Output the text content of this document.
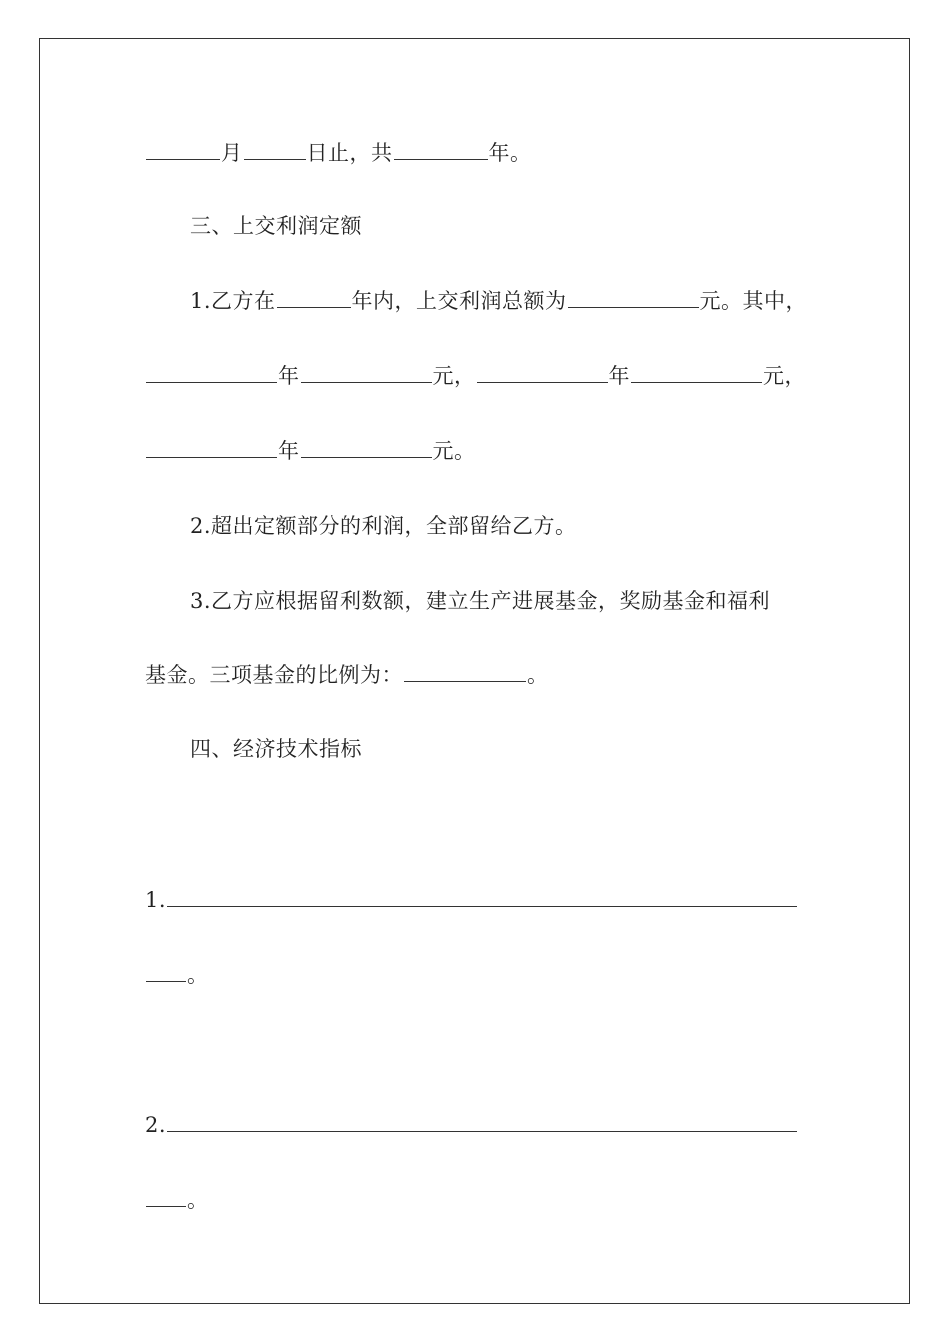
月	日止，共	年。
三、上交利润定额
1.乙方在	年内，上交利润总额为	元。其中，
年	元，	年	元，
年	元。
2.超出定额部分的利润，全部留给乙方。
3.乙方应根据留利数额，建立生产进展基金，奖励基金和福利
基金。三项基金的比例为：	。
四、经济技术指标
1.
。
2.
。
